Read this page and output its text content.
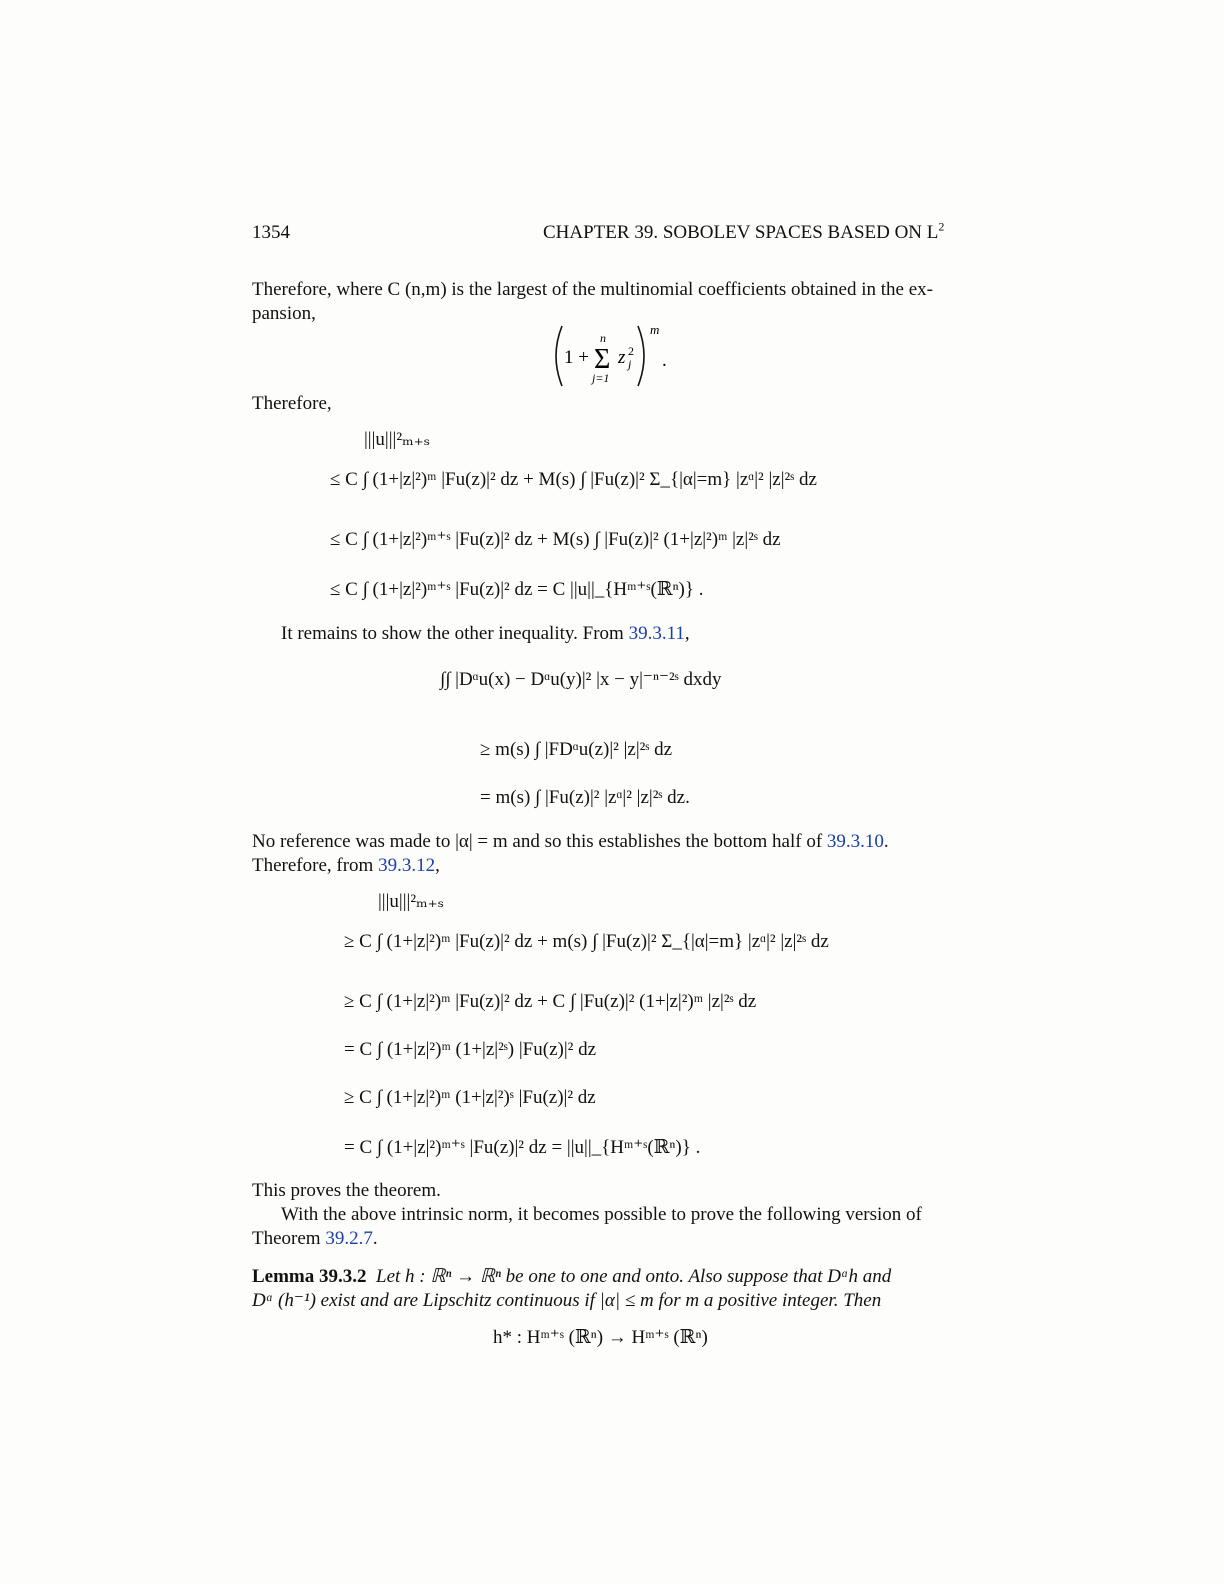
1354	CHAPTER 39. SOBOLEV SPACES BASED ON $L^2$
Therefore, where C (n,m) is the largest of the multinomial coefficients obtained in the ex-
pansion,
1 +
n
Σ
j=1
z 2
j
m
.
Therefore,
|||u|||²ₘ₊ₛ
≤ C ∫ (1+|z|²)ᵐ |Fu(z)|² dz + M(s) ∫ |Fu(z)|² Σ_{|α|=m} |zᵅ|² |z|²ˢ dz
≤ C ∫ (1+|z|²)ᵐ⁺ˢ |Fu(z)|² dz + M(s) ∫ |Fu(z)|² (1+|z|²)ᵐ |z|²ˢ dz
≤ C ∫ (1+|z|²)ᵐ⁺ˢ |Fu(z)|² dz = C ||u||_{Hᵐ⁺ˢ(ℝⁿ)} .
It remains to show the other inequality. From 39.3.11,
∫∫ |Dᵅu(x) − Dᵅu(y)|² |x − y|⁻ⁿ⁻²ˢ dxdy
≥ m(s) ∫ |FDᵅu(z)|² |z|²ˢ dz
= m(s) ∫ |Fu(z)|² |zᵅ|² |z|²ˢ dz.
No reference was made to |α| = m and so this establishes the bottom half of 39.3.10.
Therefore, from 39.3.12,
|||u|||²ₘ₊ₛ
≥ C ∫ (1+|z|²)ᵐ |Fu(z)|² dz + m(s) ∫ |Fu(z)|² Σ_{|α|=m} |zᵅ|² |z|²ˢ dz
≥ C ∫ (1+|z|²)ᵐ |Fu(z)|² dz + C ∫ |Fu(z)|² (1+|z|²)ᵐ |z|²ˢ dz
= C ∫ (1+|z|²)ᵐ (1+|z|²ˢ) |Fu(z)|² dz
≥ C ∫ (1+|z|²)ᵐ (1+|z|²)ˢ |Fu(z)|² dz
= C ∫ (1+|z|²)ᵐ⁺ˢ |Fu(z)|² dz = ||u||_{Hᵐ⁺ˢ(ℝⁿ)} .
This proves the theorem.
With the above intrinsic norm, it becomes possible to prove the following version of
Theorem 39.2.7.
Lemma 39.3.2 Let h : ℝⁿ → ℝⁿ be one to one and onto. Also suppose that Dᵅh and
Dᵅ (h⁻¹) exist and are Lipschitz continuous if |α| ≤ m for m a positive integer. Then
h* : Hᵐ⁺ˢ (ℝⁿ) → Hᵐ⁺ˢ (ℝⁿ)
